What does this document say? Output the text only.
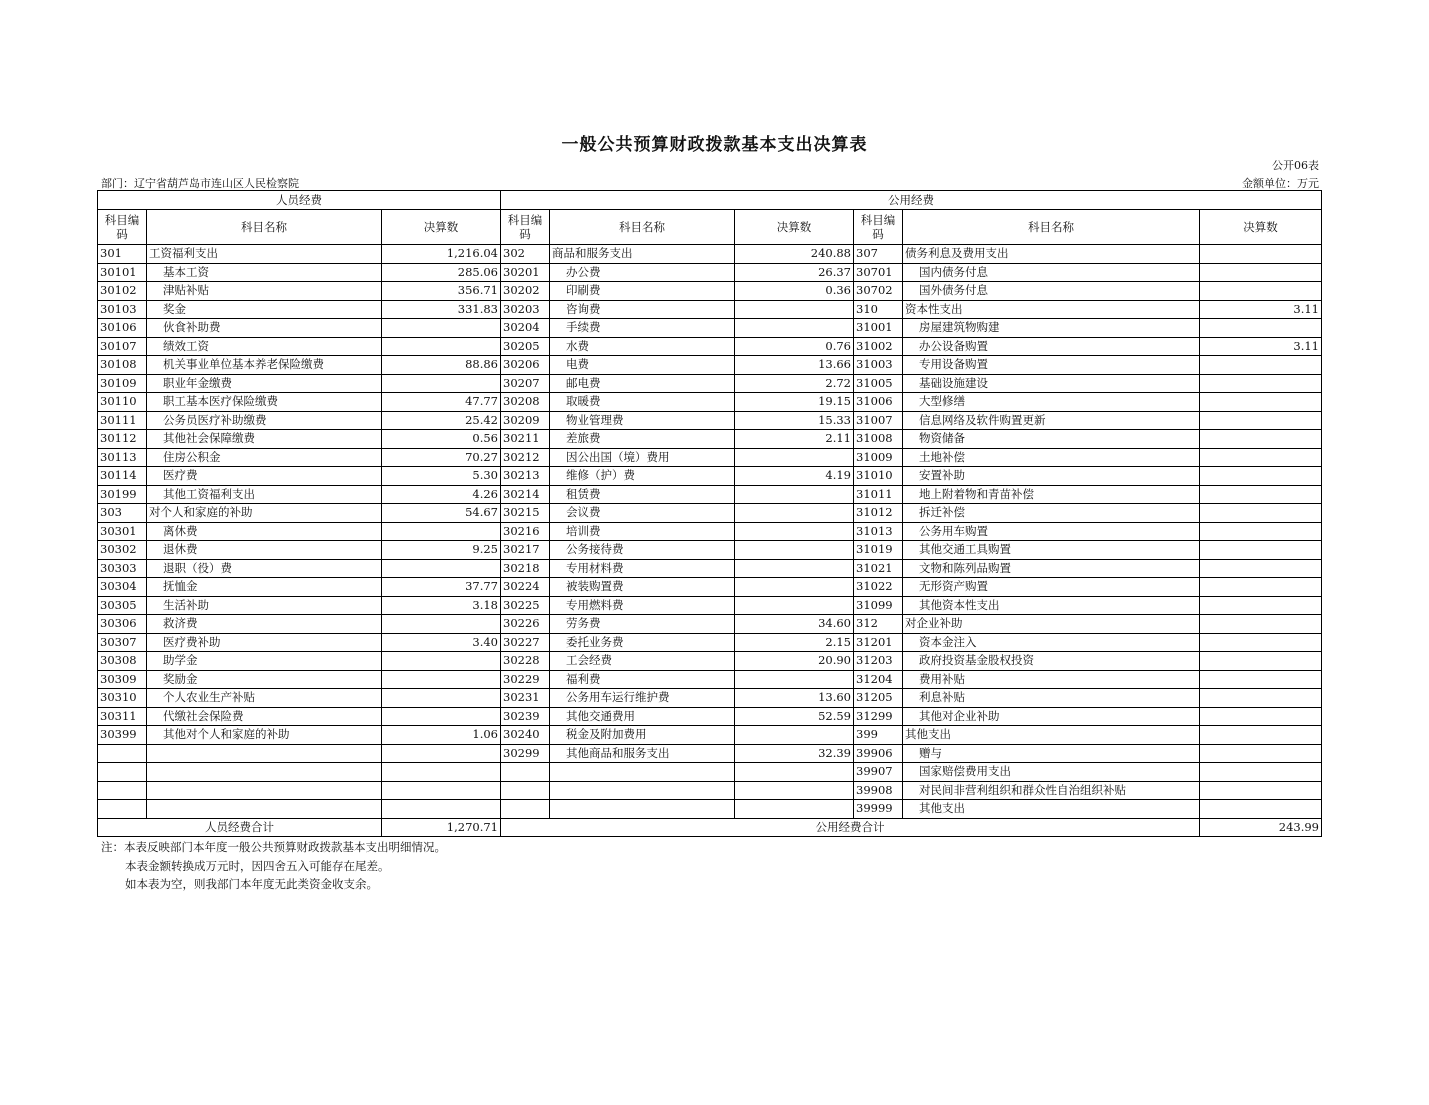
一般公共预算财政拨款基本支出决算表
公开06表
部门：辽宁省葫芦岛市连山区人民检察院	金额单位：万元
人员经费			公用经费					
科目编码	科目名称	决算数	科目编码	科目名称	决算数	科目编码	科目名称	决算数
301	工资福利支出	1,216.04	302	商品和服务支出	240.88	307	债务利息及费用支出	
30101	基本工资	285.06	30201	办公费	26.37	30701	国内债务付息	
30102	津贴补贴	356.71	30202	印刷费	0.36	30702	国外债务付息	
30103	奖金	331.83	30203	咨询费		310	资本性支出	3.11
30106	伙食补助费		30204	手续费		31001	房屋建筑物购建	
30107	绩效工资		30205	水费	0.76	31002	办公设备购置	3.11
30108	机关事业单位基本养老保险缴费	88.86	30206	电费	13.66	31003	专用设备购置	
30109	职业年金缴费		30207	邮电费	2.72	31005	基础设施建设	
30110	职工基本医疗保险缴费	47.77	30208	取暖费	19.15	31006	大型修缮	
30111	公务员医疗补助缴费	25.42	30209	物业管理费	15.33	31007	信息网络及软件购置更新	
30112	其他社会保障缴费	0.56	30211	差旅费	2.11	31008	物资储备	
30113	住房公积金	70.27	30212	因公出国（境）费用		31009	土地补偿	
30114	医疗费	5.30	30213	维修（护）费	4.19	31010	安置补助	
30199	其他工资福利支出	4.26	30214	租赁费		31011	地上附着物和青苗补偿	
303	对个人和家庭的补助	54.67	30215	会议费		31012	拆迁补偿	
30301	离休费		30216	培训费		31013	公务用车购置	
30302	退休费	9.25	30217	公务接待费		31019	其他交通工具购置	
30303	退职（役）费		30218	专用材料费		31021	文物和陈列品购置	
30304	抚恤金	37.77	30224	被装购置费		31022	无形资产购置	
30305	生活补助	3.18	30225	专用燃料费		31099	其他资本性支出	
30306	救济费		30226	劳务费	34.60	312	对企业补助	
30307	医疗费补助	3.40	30227	委托业务费	2.15	31201	资本金注入	
30308	助学金		30228	工会经费	20.90	31203	政府投资基金股权投资	
30309	奖励金		30229	福利费		31204	费用补贴	
30310	个人农业生产补贴		30231	公务用车运行维护费	13.60	31205	利息补贴	
30311	代缴社会保险费		30239	其他交通费用	52.59	31299	其他对企业补助	
30399	其他对个人和家庭的补助	1.06	30240	税金及附加费用		399	其他支出	
			30299	其他商品和服务支出	32.39	39906	赠与	
						39907	国家赔偿费用支出	
						39908	对民间非营利组织和群众性自治组织补贴	
						39999	其他支出	
人员经费合计		1,270.71	公用经费合计					243.99
注：本表反映部门本年度一般公共预算财政拨款基本支出明细情况。
本表金额转换成万元时，因四舍五入可能存在尾差。
如本表为空，则我部门本年度无此类资金收支余。
